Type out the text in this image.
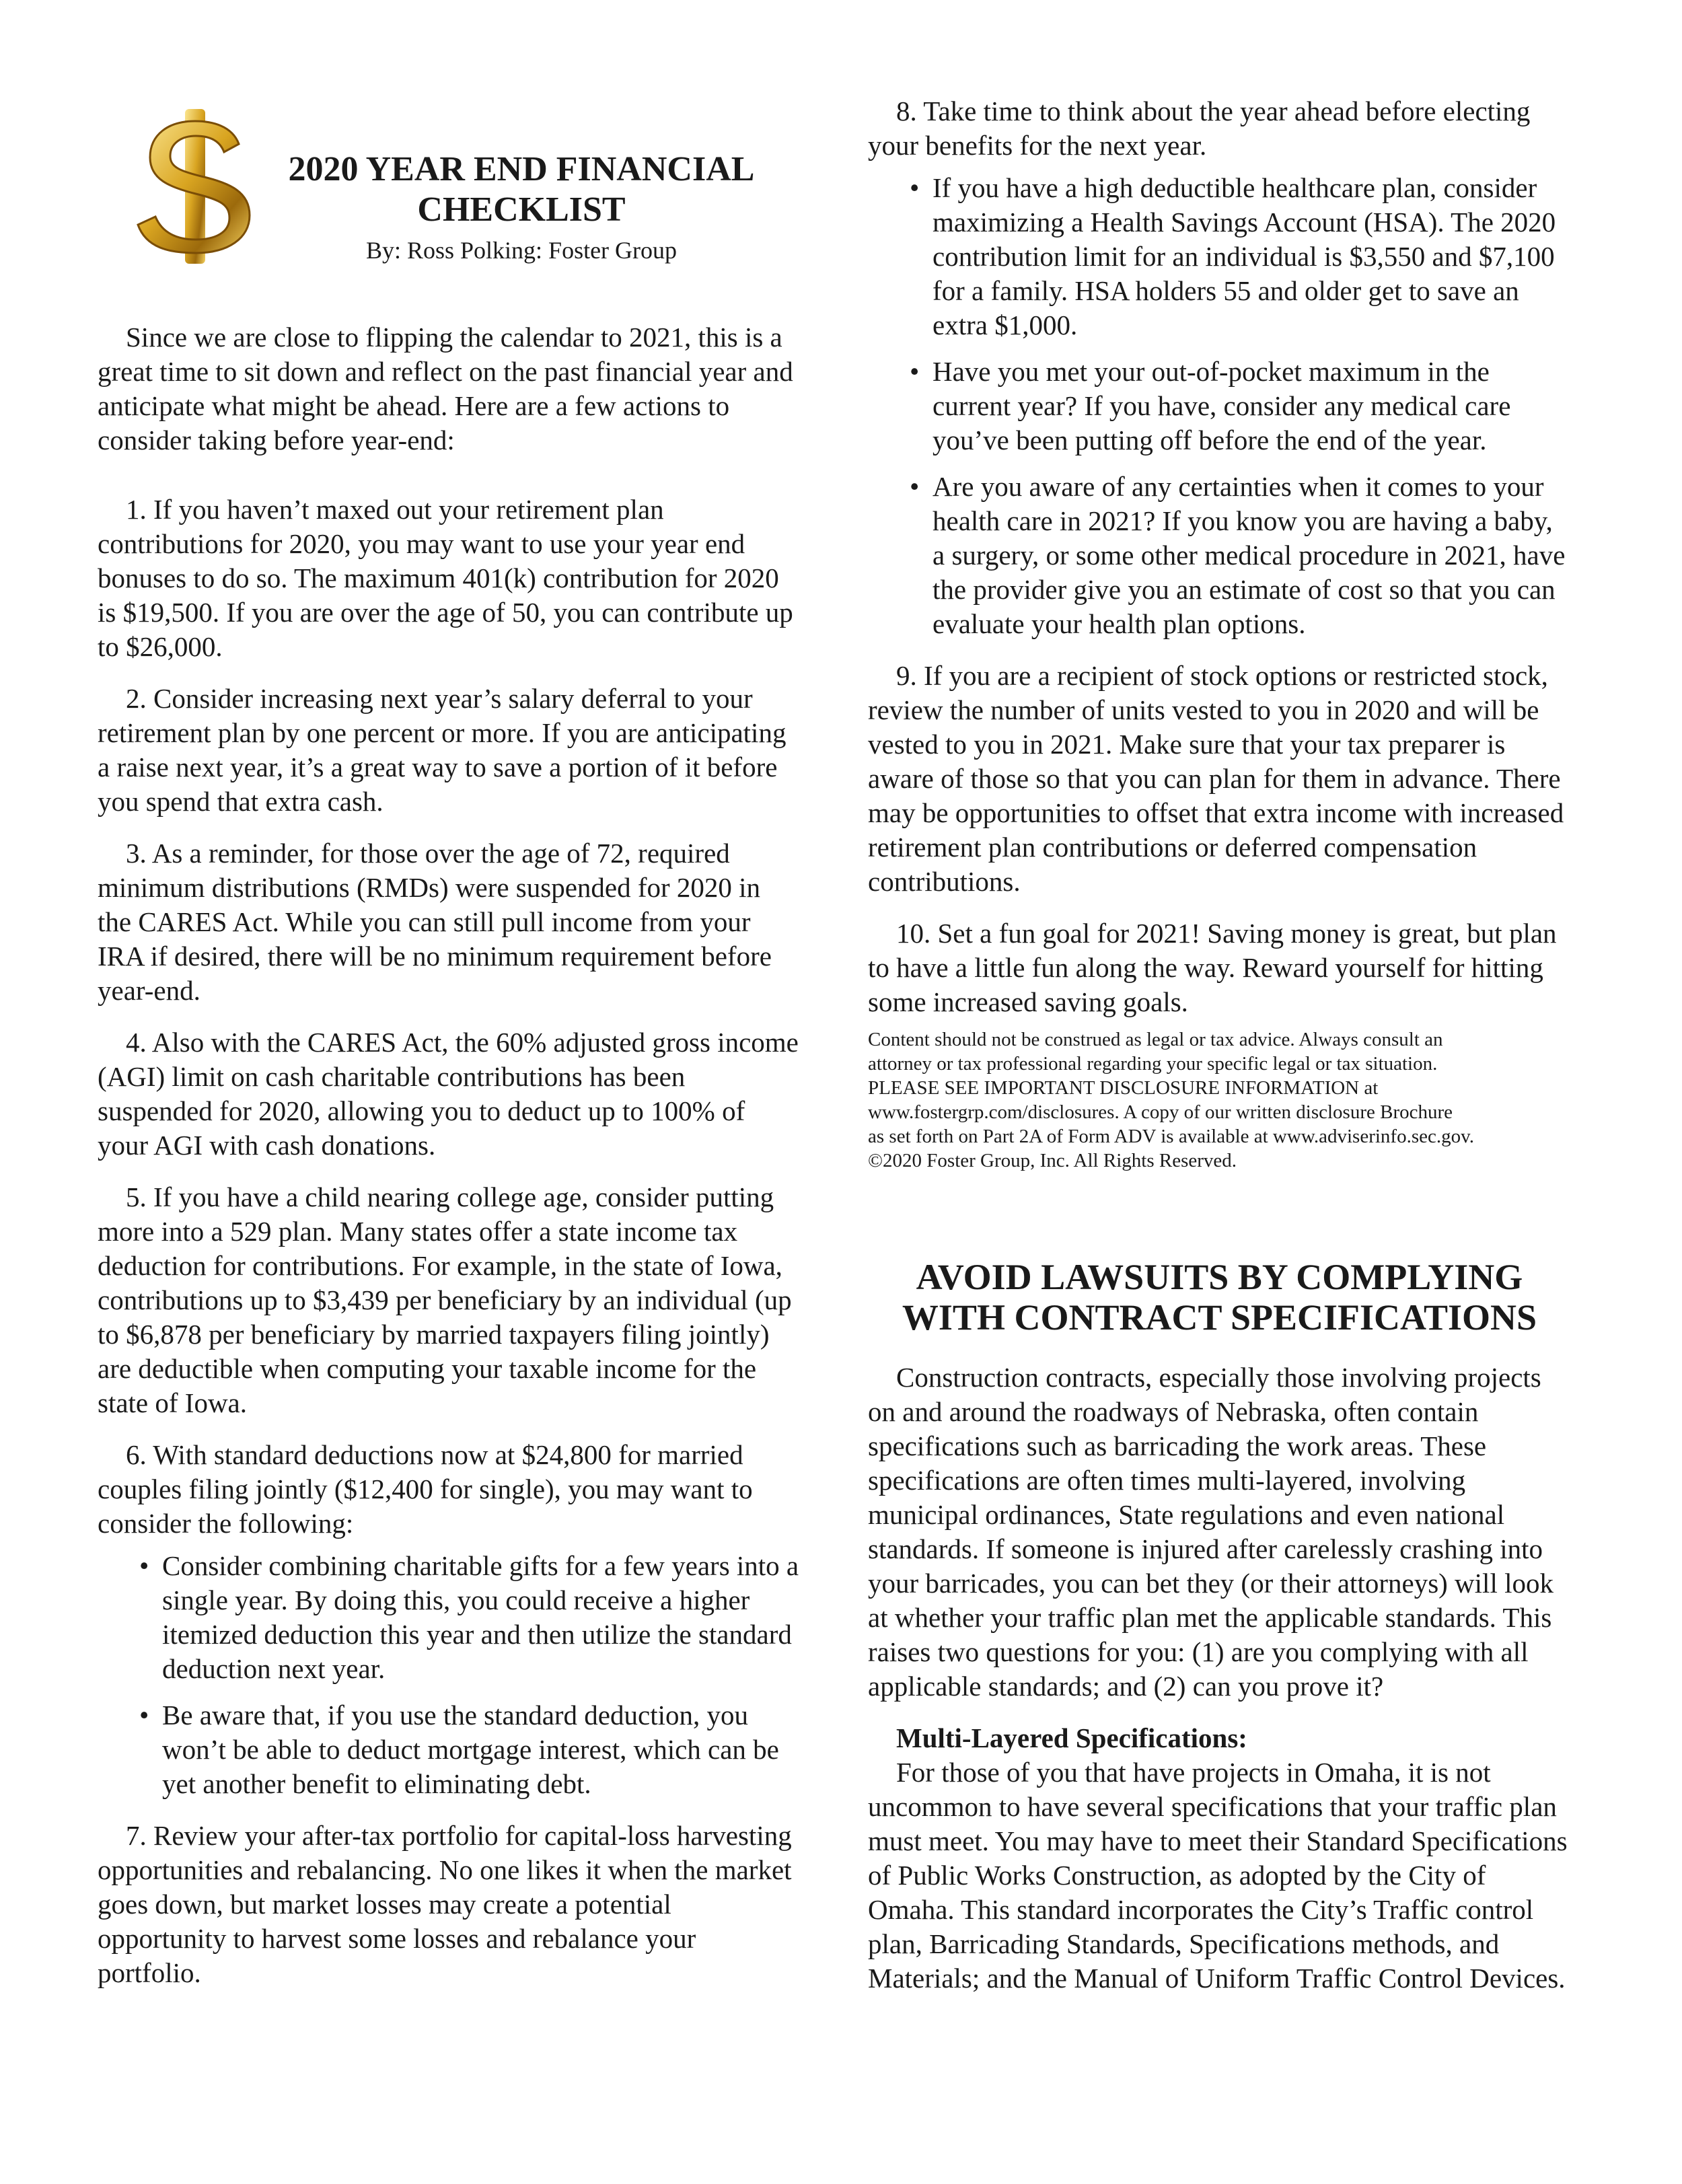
2020 YEAR END FINANCIAL CHECKLIST

By: Ross Polking: Foster Group

Since we are close to flipping the calendar to 2021, this is a great time to sit down and reflect on the past financial year and anticipate what might be ahead. Here are a few actions to consider taking before year-end:

1. If you haven’t maxed out your retirement plan contributions for 2020, you may want to use your year end bonuses to do so. The maximum 401(k) contribution for 2020 is $19,500. If you are over the age of 50, you can contribute up to $26,000.

2. Consider increasing next year’s salary deferral to your retirement plan by one percent or more. If you are anticipating a raise next year, it’s a great way to save a portion of it before you spend that extra cash.

3. As a reminder, for those over the age of 72, required minimum distributions (RMDs) were suspended for 2020 in the CARES Act. While you can still pull income from your IRA if desired, there will be no minimum requirement before year-end.

4. Also with the CARES Act, the 60% adjusted gross income (AGI) limit on cash charitable contributions has been suspended for 2020, allowing you to deduct up to 100% of your AGI with cash donations.

5. If you have a child nearing college age, consider putting more into a 529 plan. Many states offer a state income tax deduction for contributions. For example, in the state of Iowa, contributions up to $3,439 per beneficiary by an individual (up to $6,878 per beneficiary by married taxpayers filing jointly) are deductible when computing your taxable income for the state of Iowa.

6. With standard deductions now at $24,800 for married couples filing jointly ($12,400 for single), you may want to consider the following:

• Consider combining charitable gifts for a few years into a single year. By doing this, you could receive a higher itemized deduction this year and then utilize the standard deduction next year.
• Be aware that, if you use the standard deduction, you won’t be able to deduct mortgage interest, which can be yet another benefit to eliminating debt.

7. Review your after-tax portfolio for capital-loss harvesting opportunities and rebalancing. No one likes it when the market goes down, but market losses may create a potential opportunity to harvest some losses and rebalance your portfolio.

8. Take time to think about the year ahead before electing your benefits for the next year.

• If you have a high deductible healthcare plan, consider maximizing a Health Savings Account (HSA). The 2020 contribution limit for an individual is $3,550 and $7,100 for a family. HSA holders 55 and older get to save an extra $1,000.
• Have you met your out-of-pocket maximum in the current year? If you have, consider any medical care you’ve been putting off before the end of the year.
• Are you aware of any certainties when it comes to your health care in 2021? If you know you are having a baby, a surgery, or some other medical procedure in 2021, have the provider give you an estimate of cost so that you can evaluate your health plan options.

9. If you are a recipient of stock options or restricted stock, review the number of units vested to you in 2020 and will be vested to you in 2021. Make sure that your tax preparer is aware of those so that you can plan for them in advance. There may be opportunities to offset that extra income with increased retirement plan contributions or deferred compensation contributions.

10. Set a fun goal for 2021! Saving money is great, but plan to have a little fun along the way. Reward yourself for hitting some increased saving goals.

Content should not be construed as legal or tax advice. Always consult an

attorney or tax professional regarding your specific legal or tax situation.

PLEASE SEE IMPORTANT DISCLOSURE INFORMATION at

www.fostergrp.com/disclosures. A copy of our written disclosure Brochure

as set forth on Part 2A of Form ADV is available at www.adviserinfo.sec.gov.

©2020 Foster Group, Inc. All Rights Reserved.

AVOID LAWSUITS BY COMPLYING
WITH CONTRACT SPECIFICATIONS

Construction contracts, especially those involving projects on and around the roadways of Nebraska, often contain specifications such as barricading the work areas. These specifications are often times multi-layered, involving municipal ordinances, State regulations and even national standards. If someone is injured after carelessly crashing into your barricades, you can bet they (or their attorneys) will look at whether your traffic plan met the applicable standards. This raises two questions for you: (1) are you complying with all applicable standards; and (2) can you prove it?

Multi-Layered Specifications:

For those of you that have projects in Omaha, it is not uncommon to have several specifications that your traffic plan must meet. You may have to meet their Standard Specifications of Public Works Construction, as adopted by the City of Omaha. This standard incorporates the City’s Traffic control plan, Barricading Standards, Specifications methods, and Materials; and the Manual of Uniform Traffic Control Devices.
